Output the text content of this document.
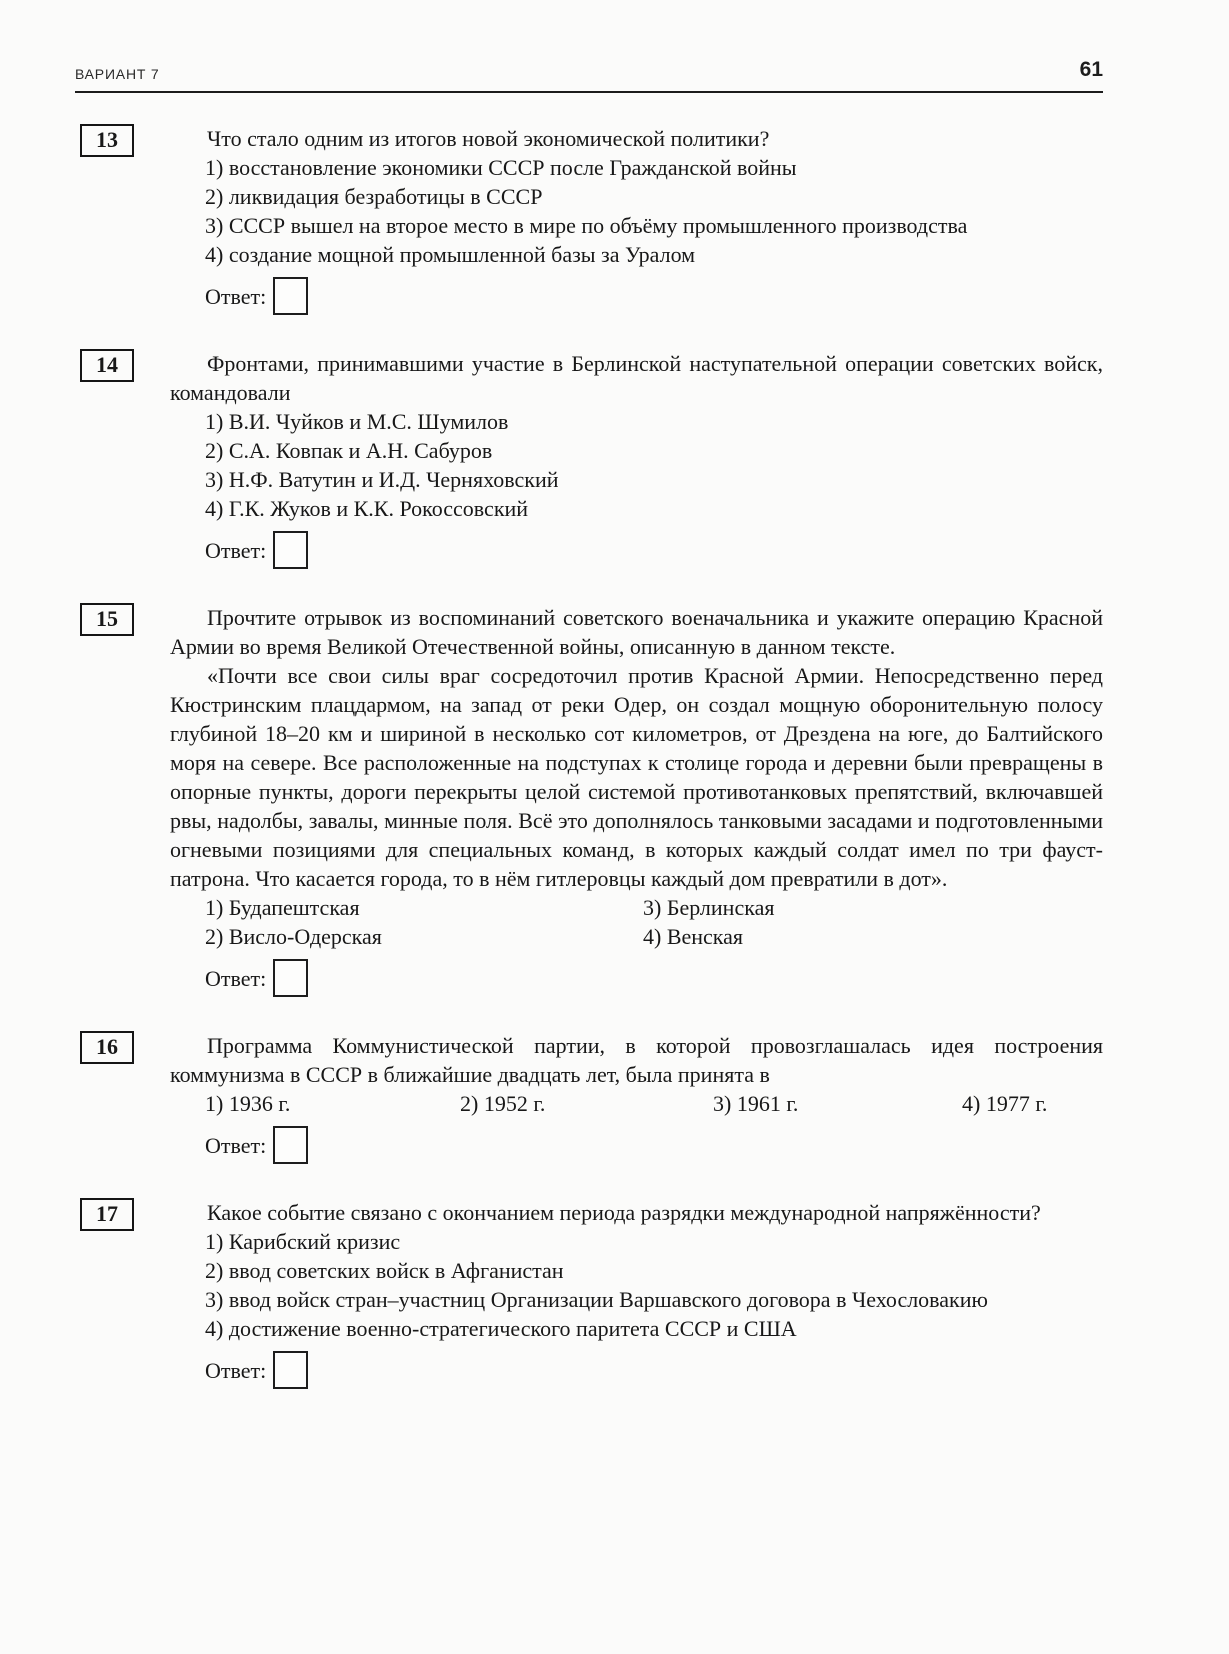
ВАРИАНТ 7	61
13	Что стало одним из итогов новой экономической политики?

1) восстановление экономики СССР после Гражданской войны

2) ликвидация безработицы в СССР

3) СССР вышел на второе место в мире по объёму промышленного производства

4) создание мощной промышленной базы за Уралом

Ответ:
14	Фронтами, принимавшими участие в Берлинской наступательной операции советских войск, командовали

1) В.И. Чуйков и М.С. Шумилов

2) С.А. Ковпак и А.Н. Сабуров

3) Н.Ф. Ватутин и И.Д. Черняховский

4) Г.К. Жуков и К.К. Рокоссовский

Ответ:
15	Прочтите отрывок из воспоминаний советского военачальника и укажите операцию Красной Армии во время Великой Отечественной войны, описанную в данном тексте.

«Почти все свои силы враг сосредоточил против Красной Армии. Непосредственно перед Кюстринским плацдармом, на запад от реки Одер, он создал мощную оборонительную полосу глубиной 18–20 км и шириной в несколько сот километров, от Дрездена на юге, до Балтийского моря на севере. Все расположенные на подступах к столице города и деревни были превращены в опорные пункты, дороги перекрыты целой системой противотанковых препятствий, включавшей рвы, надолбы, завалы, минные поля. Всё это дополнялось танковыми засадами и подготовленными огневыми позициями для специальных команд, в которых каждый солдат имел по три фауст-патрона. Что касается города, то в нём гитлеровцы каждый дом превратили в дот».

1) Будапештская

2) Висло-Одерская

3) Берлинская

4) Венская

Ответ:
16	Программа Коммунистической партии, в которой провозглашалась идея построения коммунизма в СССР в ближайшие двадцать лет, была принята в

1) 1936 г.	2) 1952 г.	3) 1961 г.	4) 1977 г.

Ответ:
17	Какое событие связано с окончанием периода разрядки международной напряжённости?

1) Карибский кризис

2) ввод советских войск в Афганистан

3) ввод войск стран–участниц Организации Варшавского договора в Чехословакию

4) достижение военно-стратегического паритета СССР и США

Ответ:
